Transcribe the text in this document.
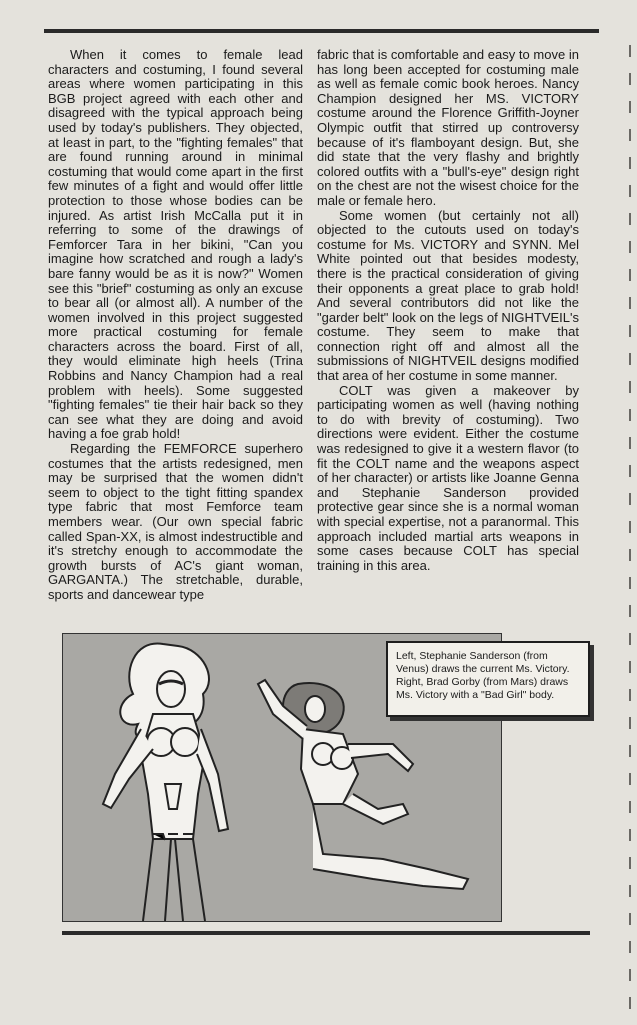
When it comes to female lead characters and costuming, I found several areas where women participating in this BGB project agreed with each other and disagreed with the typical approach being used by today's publishers. They objected, at least in part, to the "fighting females" that are found running around in minimal costuming that would come apart in the first few minutes of a fight and would offer little protection to those whose bodies can be injured. As artist Irish McCalla put it in referring to some of the drawings of Femforcer Tara in her bikini, "Can you imagine how scratched and rough a lady's bare fanny would be as it is now?" Women see this "brief" costuming as only an excuse to bear all (or almost all). A number of the women involved in this project suggested more practical costuming for female characters across the board. First of all, they would eliminate high heels (Trina Robbins and Nancy Champion had a real problem with heels). Some suggested "fighting females" tie their hair back so they can see what they are doing and avoid having a foe grab hold!

Regarding the FEMFORCE superhero costumes that the artists redesigned, men may be surprised that the women didn't seem to object to the tight fitting spandex type fabric that most Femforce team members wear. (Our own special fabric called Span-XX, is almost indestructible and it's stretchy enough to accommodate the growth bursts of AC's giant woman, GARGANTA.) The stretchable, durable, sports and dancewear type

fabric that is comfortable and easy to move in has long been accepted for costuming male as well as female comic book heroes. Nancy Champion designed her MS. VICTORY costume around the Florence Griffith-Joyner Olympic outfit that stirred up controversy because of it's flamboyant design. But, she did state that the very flashy and brightly colored outfits with a "bull's-eye" design right on the chest are not the wisest choice for the male or female hero.

Some women (but certainly not all) objected to the cutouts used on today's costume for Ms. VICTORY and SYNN. Mel White pointed out that besides modesty, there is the practical consideration of giving their opponents a great place to grab hold! And several contributors did not like the "garder belt" look on the legs of NIGHTVEIL's costume. They seem to make that connection right off and almost all the submissions of NIGHTVEIL designs modified that area of her costume in some manner.

COLT was given a makeover by participating women as well (having nothing to do with brevity of costuming). Two directions were evident. Either the costume was redesigned to give it a western flavor (to fit the COLT name and the weapons aspect of her character) or artists like Joanne Genna and Stephanie Sanderson provided protective gear since she is a normal woman with special expertise, not a paranormal. This approach included martial arts weapons in some cases because COLT has special training in this area.

Left, Stephanie Sanderson (from Venus) draws the current Ms. Victory. Right, Brad Gorby (from Mars) draws Ms. Victory with a "Bad Girl" body.
